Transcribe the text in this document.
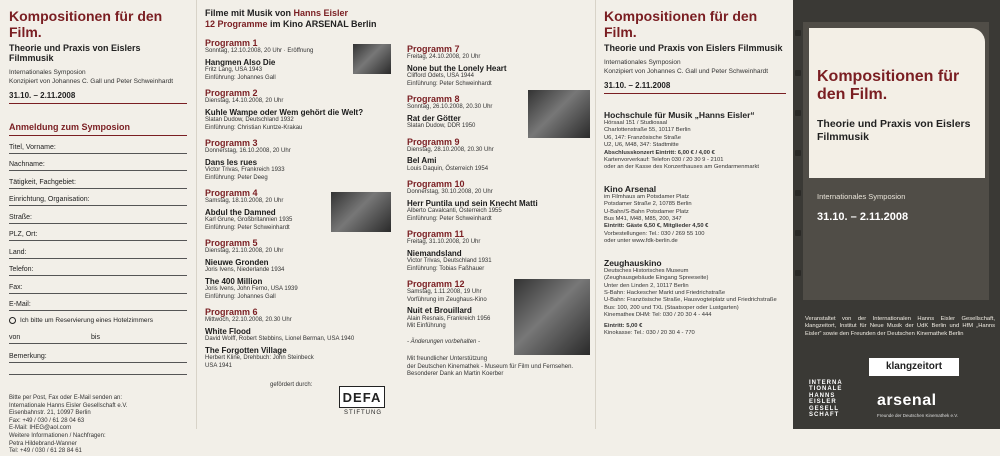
Kompositionen für den Film.
Theorie und Praxis von Eislers Filmmusik
Internationales Symposion
Konzipiert von Johannes C. Gall und Peter Schweinhardt
31.10. – 2.11.2008
Anmeldung zum Symposion
Titel, Vorname:
Nachname:
Tätigkeit, Fachgebiet:
Einrichtung, Organisation:
Straße:
PLZ, Ort:
Land:
Telefon:
Fax:
E-Mail:
Ich bitte um Reservierung eines Hotelzimmers
von	bis
Bemerkung:
Bitte per Post, Fax oder E-Mail senden an:
Internationale Hanns Eisler Gesellschaft e.V.
Eisenbahnstr. 21, 10997 Berlin
Fax: +49 / 030 / 61 28 04 63
E-Mail: IHEG@aol.com
Weitere Informationen / Nachfragen:
Petra Hildebrand-Wanner
Tel: +49 / 030 / 61 28 84 61
Filme mit Musik von Hanns Eisler
12 Programme im Kino ARSENAL Berlin
Programm 1
Sonntag, 12.10.2008, 20 Uhr · Eröffnung
Hangmen Also Die
Fritz Lang, USA 1943
Einführung: Johannes Gall
Programm 2
Dienstag, 14.10.2008, 20 Uhr
Kuhle Wampe oder Wem gehört die Welt?
Slatan Dudow, Deutschland 1932
Einführung: Christian Kuntze-Krakau
Programm 3
Donnerstag, 16.10.2008, 20 Uhr
Dans les rues
Victor Trivas, Frankreich 1933
Einführung: Peter Deeg
Programm 4
Samstag, 18.10.2008, 20 Uhr
Abdul the Damned
Karl Grune, Großbritannien 1935
Einführung: Peter Schweinhardt
Programm 5
Dienstag, 21.10.2008, 20 Uhr
Nieuwe Gronden
Joris Ivens, Niederlande 1934
The 400 Million
Joris Ivens, John Ferno, USA 1939
Einführung: Johannes Gall
Programm 6
Mittwoch, 22.10.2008, 20.30 Uhr
White Flood
David Wolff, Robert Stebbins, Lionel Berman, USA 1940
The Forgotten Village
Herbert Kline, Drehbuch: John Steinbeck
USA 1941
Programm 7
Freitag, 24.10.2008, 20 Uhr
None but the Lonely Heart
Clifford Odets, USA 1944
Einführung: Peter Schweinhardt
Programm 8
Sonntag, 26.10.2008, 20.30 Uhr
Rat der Götter
Slatan Dudow, DDR 1950
Programm 9
Dienstag, 28.10.2008, 20.30 Uhr
Bel Ami
Louis Daquin, Österreich 1954
Programm 10
Donnerstag, 30.10.2008, 20 Uhr
Herr Puntila und sein Knecht Matti
Alberto Cavalcanti, Österreich 1955
Einführung: Peter Schweinhardt
Programm 11
Freitag, 31.10.2008, 20 Uhr
Niemandsland
Victor Trivas, Deutschland 1931
Einführung: Tobias Faßhauer
Programm 12
Samstag, 1.11.2008, 19 Uhr
Vorführung im Zeughaus-Kino
Nuit et Brouillard
Alain Resnais, Frankreich 1956
Mit Einführung
- Änderungen vorbehalten -
Mit freundlicher Unterstützung
der Deutschen Kinemathek - Museum für Film und Fernsehen.
Besonderer Dank an Martin Koerber
gefördert durch:
DEFA
STIFTUNG
Kompositionen für den Film.
Theorie und Praxis von Eislers Filmmusik
Internationales Symposion
Konzipiert von Johannes C. Gall und Peter Schweinhardt
31.10. – 2.11.2008
Hochschule für Musik „Hanns Eisler“
Hörsaal 151 / Studiosaal
Charlottenstraße 55, 10117 Berlin
U6, 147: Französische Straße
U2, U6, M48, 347: Stadtmitte
Abschlusskonzert Eintritt: 6,00 € / 4,00 €
Kartenvorverkauf: Telefon 030 / 20 30 9 - 2101
oder an der Kasse des Konzerthauses am Gendarmenmarkt
Kino Arsenal
im Filmhaus am Potsdamer Platz
Potsdamer Straße 2, 10785 Berlin
U-Bahn/S-Bahn Potsdamer Platz
Bus M41, M48, M85, 200, 347
Eintritt: Gäste 6,50 €, Mitglieder 4,50 €
Vorbestellungen: Tel.: 030 / 269 55 100
oder unter www.fdk-berlin.de
Zeughauskino
Deutsches Historisches Museum
(Zeughausgebäude Eingang Spreeseite)
Unter den Linden 2, 10117 Berlin
S-Bahn: Hackescher Markt und Friedrichstraße
U-Bahn: Französische Straße, Hausvogteiplatz und Friedrichstraße
Bus: 100, 200 und TXL (Staatsoper oder Lustgarten)
Kinematheк DHM: Tel: 030 / 20 30 4 - 444
Eintritt: 5,00 €
Kinokasse: Tel.: 030 / 20 30 4 - 770
Kompositionen für den Film.
Theorie und Praxis von Eislers Filmmusik
Internationales Symposion
31.10. – 2.11.2008
Veranstaltet von der Internationalen Hanns Eisler Gesellschaft, klangzeitort, Institut für Neue Musik der UdK Berlin und HfM „Hanns Eisler“ sowie den Freunden der Deutschen Kinemathek Berlin
INTERNA
TIONALE
HANNS
EISLER
GESELL
SCHAFT
klangzeitort
arsenal
Freunde der Deutschen Kinemathek e.V.
